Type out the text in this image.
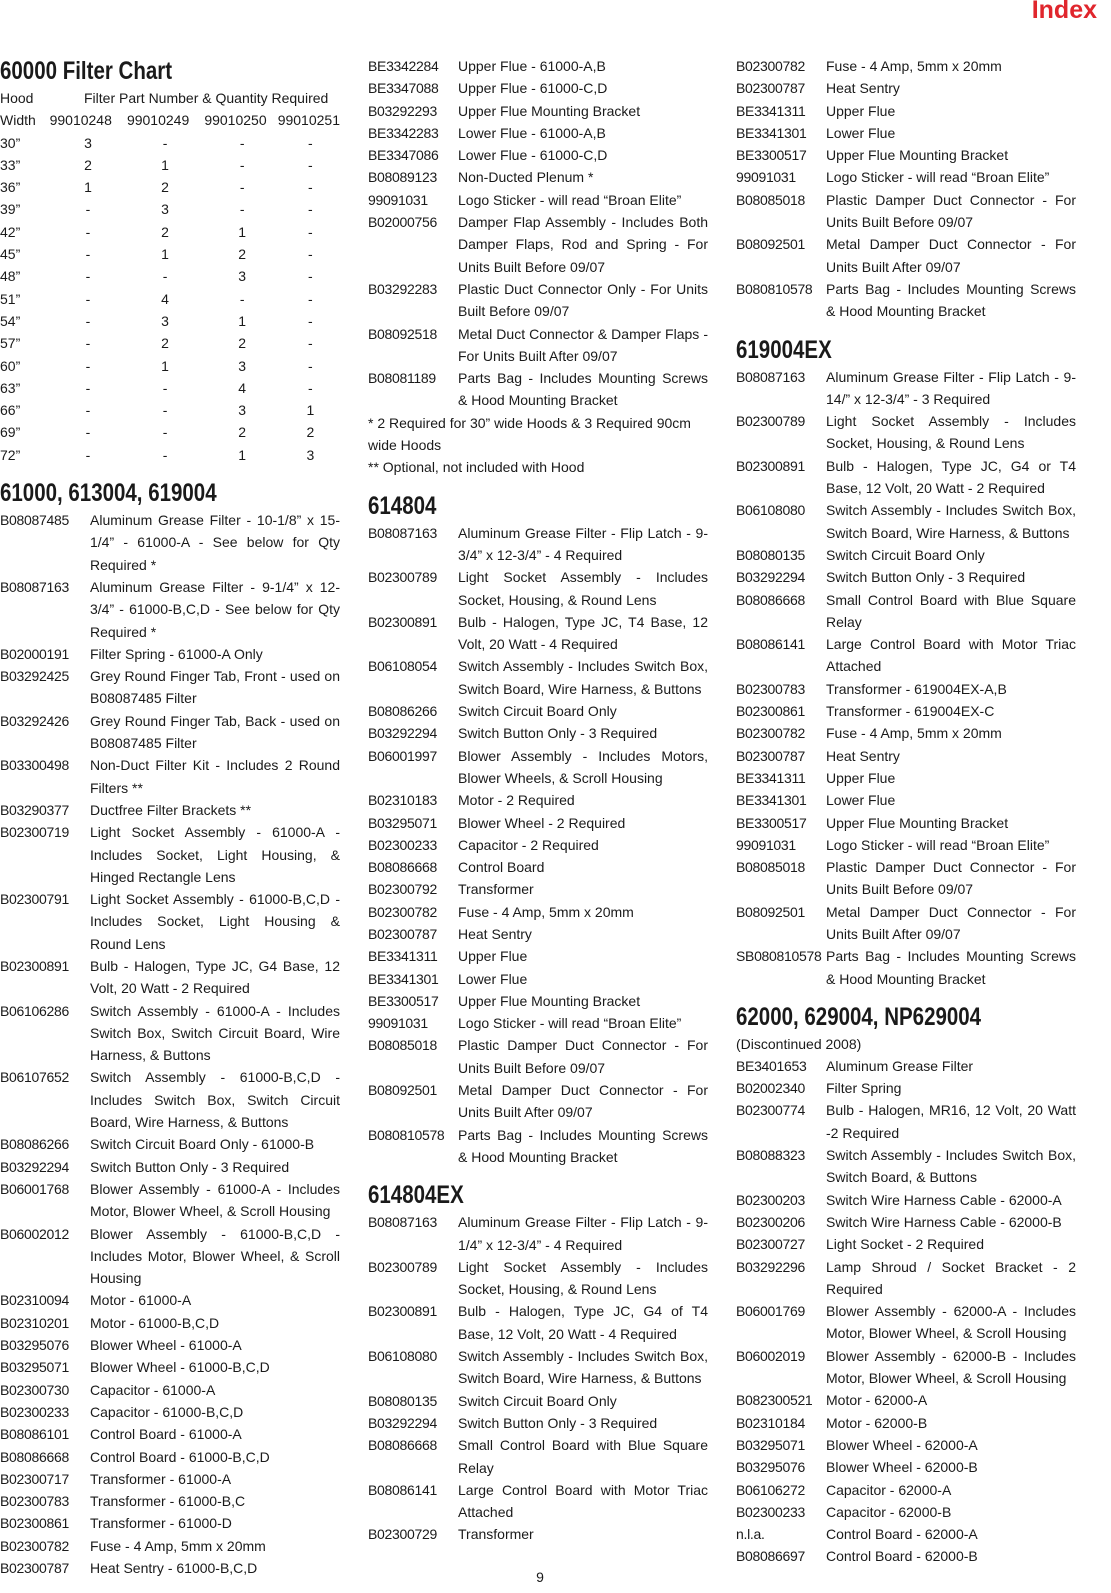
Index
60000 Filter Chart
Hood	Filter Part Number & Quantity Required
Width 99010248	99010249	99010250 99010251
30”	3	-	-	-
33”	2	1	-	-
36”	1	2	-	-
39”	-	3	-	-
42”	-	2	1	-
45”	-	1	2	-
48”	-	-	3	-
51”	-	4	-	-
54”	-	3	1	-
57”	-	2	2	-
60”	-	1	3	-
63”	-	-	4	-
66”	-	-	3	1
69”	-	-	2	2
72”	-	-	1	3
61000, 613004, 619004
B08087485	Aluminum Grease Filter - 10-1/8” x 15-1/4” - 61000-A - See below for Qty Required *
B08087163	Aluminum Grease Filter - 9-1/4” x 12-3/4” - 61000-B,C,D - See below for Qty Required *
B02000191	Filter Spring - 61000-A Only
B03292425	Grey Round Finger Tab, Front - used on B08087485 Filter
B03292426	Grey Round Finger Tab, Back - used on B08087485 Filter
B03300498	Non-Duct Filter Kit - Includes 2 Round Filters **
B03290377	Ductfree Filter Brackets **
B02300719	Light Socket Assembly - 61000-A - Includes Socket, Light Housing, & Hinged Rectangle Lens
B02300791	Light Socket Assembly - 61000-B,C,D - Includes Socket, Light Housing & Round Lens
B02300891	Bulb - Halogen, Type JC, G4 Base, 12 Volt, 20 Watt - 2 Required
B06106286	Switch Assembly - 61000-A - Includes Switch Box, Switch Circuit Board, Wire Harness, & Buttons
B06107652	Switch Assembly - 61000-B,C,D - Includes Switch Box, Switch Circuit Board, Wire Harness, & Buttons
B08086266	Switch Circuit Board Only - 61000-B
B03292294	Switch Button Only - 3 Required
B06001768	Blower Assembly - 61000-A - Includes Motor, Blower Wheel, & Scroll Housing
B06002012	Blower Assembly - 61000-B,C,D - Includes Motor, Blower Wheel, & Scroll Housing
B02310094	Motor - 61000-A
B02310201	Motor - 61000-B,C,D
B03295076	Blower Wheel - 61000-A
B03295071	Blower Wheel - 61000-B,C,D
B02300730	Capacitor - 61000-A
B02300233	Capacitor - 61000-B,C,D
B08086101	Control Board - 61000-A
B08086668	Control Board - 61000-B,C,D
B02300717	Transformer - 61000-A
B02300783	Transformer - 61000-B,C
B02300861	Transformer - 61000-D
B02300782	Fuse - 4 Amp, 5mm x 20mm
B02300787	Heat Sentry - 61000-B,C,D
BE3342284	Upper Flue - 61000-A,B
BE3347088	Upper Flue - 61000-C,D
B03292293	Upper Flue Mounting Bracket
BE3342283	Lower Flue - 61000-A,B
BE3347086	Lower Flue - 61000-C,D
B08089123	Non-Ducted Plenum *
99091031	Logo Sticker - will read “Broan Elite”
B02000756	Damper Flap Assembly - Includes Both Damper Flaps, Rod and Spring - For Units Built Before 09/07
B03292283	Plastic Duct Connector Only - For Units Built Before 09/07
B08092518	Metal Duct Connector & Damper Flaps - For Units Built After 09/07
B08081189	Parts Bag - Includes Mounting Screws & Hood Mounting Bracket
* 2 Required for 30” wide Hoods & 3 Required 90cm wide Hoods
** Optional, not included with Hood
614804
B08087163	Aluminum Grease Filter - Flip Latch - 9-3/4” x 12-3/4” - 4 Required
B02300789	Light Socket Assembly - Includes Socket, Housing, & Round Lens
B02300891	Bulb - Halogen, Type JC, T4 Base, 12 Volt, 20 Watt - 4 Required
B06108054	Switch Assembly - Includes Switch Box, Switch Board, Wire Harness, & Buttons
B08086266	Switch Circuit Board Only
B03292294	Switch Button Only - 3 Required
B06001997	Blower Assembly - Includes Motors, Blower Wheels, & Scroll Housing
B02310183	Motor - 2 Required
B03295071	Blower Wheel - 2 Required
B02300233	Capacitor - 2 Required
B08086668	Control Board
B02300792	Transformer
B02300782	Fuse - 4 Amp, 5mm x 20mm
B02300787	Heat Sentry
BE3341311	Upper Flue
BE3341301	Lower Flue
BE3300517	Upper Flue Mounting Bracket
99091031	Logo Sticker - will read “Broan Elite”
B08085018	Plastic Damper Duct Connector - For Units Built Before 09/07
B08092501	Metal Damper Duct Connector - For Units Built After 09/07
B080810578 Parts Bag - Includes Mounting Screws & Hood Mounting Bracket
614804EX
B08087163	Aluminum Grease Filter - Flip Latch - 9-1/4” x 12-3/4” - 4 Required
B02300789	Light Socket Assembly - Includes Socket, Housing, & Round Lens
B02300891	Bulb - Halogen, Type JC, G4 of T4 Base, 12 Volt, 20 Watt - 4 Required
B06108080	Switch Assembly - Includes Switch Box, Switch Board, Wire Harness, & Buttons
B08080135	Switch Circuit Board Only
B03292294	Switch Button Only - 3 Required
B08086668	Small Control Board with Blue Square Relay
B08086141	Large Control Board with Motor Triac Attached
B02300729	Transformer
B02300782	Fuse - 4 Amp, 5mm x 20mm
B02300787	Heat Sentry
BE3341311	Upper Flue
BE3341301	Lower Flue
BE3300517	Upper Flue Mounting Bracket
99091031	Logo Sticker - will read “Broan Elite”
B08085018	Plastic Damper Duct Connector - For Units Built Before 09/07
B08092501	Metal Damper Duct Connector - For Units Built After 09/07
B080810578 Parts Bag - Includes Mounting Screws & Hood Mounting Bracket
619004EX
B08087163	Aluminum Grease Filter - Flip Latch - 9-14/” x 12-3/4” - 3 Required
B02300789	Light Socket Assembly - Includes Socket, Housing, & Round Lens
B02300891	Bulb - Halogen, Type JC, G4 or T4 Base, 12 Volt, 20 Watt - 2 Required
B06108080	Switch Assembly - Includes Switch Box, Switch Board, Wire Harness, & Buttons
B08080135	Switch Circuit Board Only
B03292294	Switch Button Only - 3 Required
B08086668	Small Control Board with Blue Square Relay
B08086141	Large Control Board with Motor Triac Attached
B02300783	Transformer - 619004EX-A,B
B02300861	Transformer - 619004EX-C
B02300782	Fuse - 4 Amp, 5mm x 20mm
B02300787	Heat Sentry
BE3341311	Upper Flue
BE3341301	Lower Flue
BE3300517	Upper Flue Mounting Bracket
99091031	Logo Sticker - will read “Broan Elite”
B08085018	Plastic Damper Duct Connector - For Units Built Before 09/07
B08092501	Metal Damper Duct Connector - For Units Built After 09/07
SB080810578 Parts Bag - Includes Mounting Screws & Hood Mounting Bracket
62000, 629004, NP629004
(Discontinued 2008)
BE3401653	Aluminum Grease Filter
B02002340	Filter Spring
B02300774	Bulb - Halogen, MR16, 12 Volt, 20 Watt -2 Required
B08088323	Switch Assembly - Includes Switch Box, Switch Board, & Buttons
B02300203	Switch Wire Harness Cable - 62000-A
B02300206	Switch Wire Harness Cable - 62000-B
B02300727	Light Socket - 2 Required
B03292296	Lamp Shroud / Socket Bracket - 2 Required
B06001769	Blower Assembly - 62000-A - Includes Motor, Blower Wheel, & Scroll Housing
B06002019	Blower Assembly - 62000-B - Includes Motor, Blower Wheel, & Scroll Housing
B082300521 Motor - 62000-A
B02310184	Motor - 62000-B
B03295071	Blower Wheel - 62000-A
B03295076	Blower Wheel - 62000-B
B06106272	Capacitor - 62000-A
B02300233	Capacitor - 62000-B
n.l.a.	Control Board - 62000-A
B08086697	Control Board - 62000-B
9
